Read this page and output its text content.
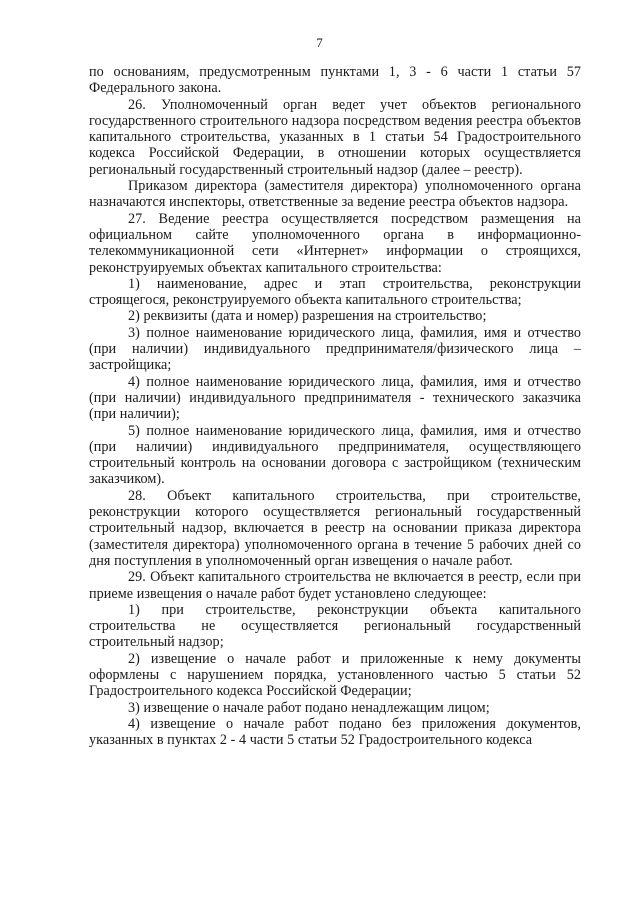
7

по основаниям, предусмотренным пунктами 1, 3 - 6 части 1 статьи 57 Федерального закона.

26. Уполномоченный орган ведет учет объектов регионального государственного строительного надзора посредством ведения реестра объектов капитального строительства, указанных в 1 статьи 54 Градостроительного кодекса Российской Федерации, в отношении которых осуществляется региональный государственный строительный надзор (далее – реестр).

Приказом директора (заместителя директора) уполномоченного органа назначаются инспекторы, ответственные за ведение реестра объектов надзора.

27. Ведение реестра осуществляется посредством размещения на официальном сайте уполномоченного органа в информационно-телекоммуникационной сети «Интернет» информации о строящихся, реконструируемых объектах капитального строительства:

1) наименование, адрес и этап строительства, реконструкции строящегося, реконструируемого объекта капитального строительства;

2) реквизиты (дата и номер) разрешения на строительство;

3) полное наименование юридического лица, фамилия, имя и отчество (при наличии) индивидуального предпринимателя/физического лица – застройщика;

4) полное наименование юридического лица, фамилия, имя и отчество (при наличии) индивидуального предпринимателя - технического заказчика (при наличии);

5) полное наименование юридического лица, фамилия, имя и отчество (при наличии) индивидуального предпринимателя, осуществляющего строительный контроль на основании договора с застройщиком (техническим заказчиком).

28. Объект капитального строительства, при строительстве, реконструкции которого осуществляется региональный государственный строительный надзор, включается в реестр на основании приказа директора (заместителя директора) уполномоченного органа в течение 5 рабочих дней со дня поступления в уполномоченный орган извещения о начале работ.

29. Объект капитального строительства не включается в реестр, если при приеме извещения о начале работ будет установлено следующее:

1) при строительстве, реконструкции объекта капитального строительства не осуществляется региональный государственный строительный надзор;

2) извещение о начале работ и приложенные к нему документы оформлены с нарушением порядка, установленного частью 5 статьи 52 Градостроительного кодекса Российской Федерации;

3) извещение о начале работ подано ненадлежащим лицом;

4) извещение о начале работ подано без приложения документов, указанных в пунктах 2 - 4 части 5 статьи 52 Градостроительного кодекса
